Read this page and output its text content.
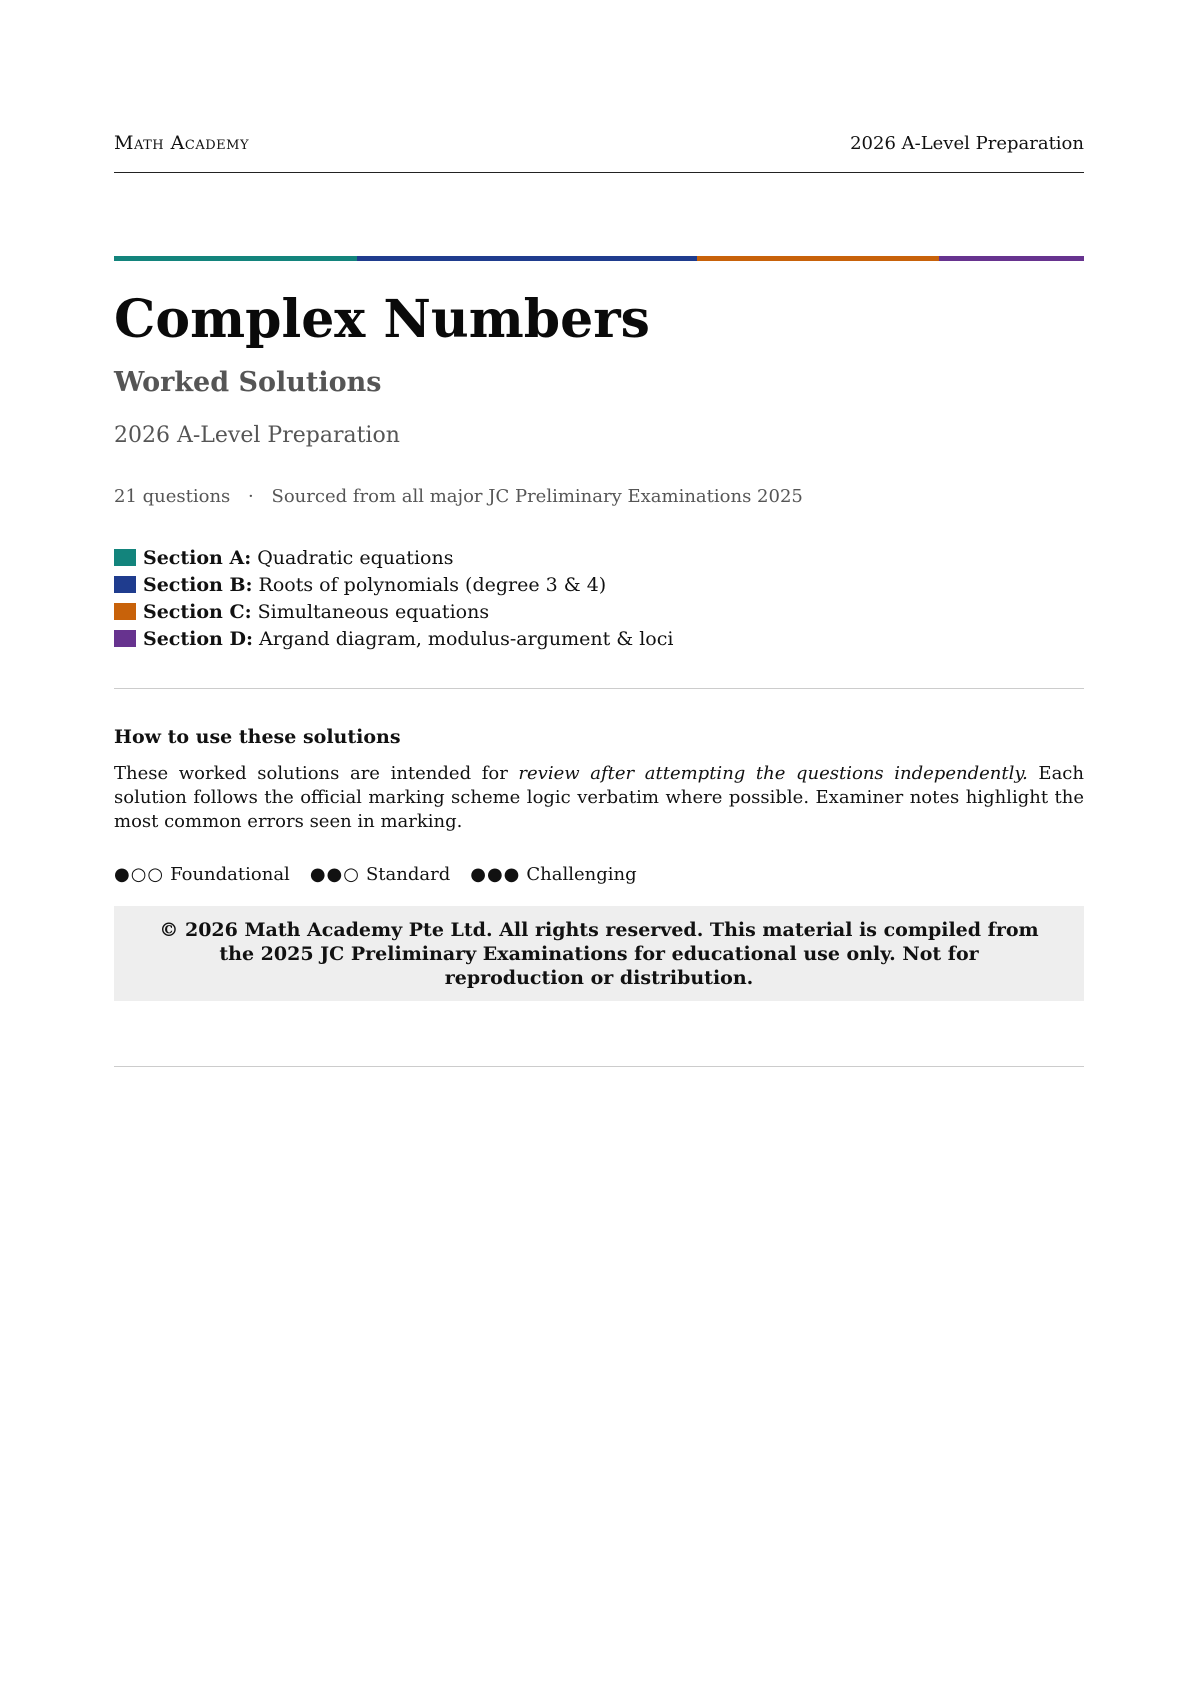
Math Academy	2026 A-Level Preparation
Complex Numbers
Worked Solutions
2026 A-Level Preparation
21 questions · Sourced from all major JC Preliminary Examinations 2025
Section A: Quadratic equations
Section B: Roots of polynomials (degree 3 & 4)
Section C: Simultaneous equations
Section D: Argand diagram, modulus-argument & loci
How to use these solutions

These worked solutions are intended for review after attempting the questions independently. Each solution follows the official marking scheme logic verbatim where possible. Examiner notes highlight the most common errors seen in marking.

●○○ Foundational ●●○ Standard ●●● Challenging
© 2026 Math Academy Pte Ltd. All rights reserved. This material is compiled from the 2025 JC Preliminary Examinations for educational use only. Not for reproduction or distribution.
